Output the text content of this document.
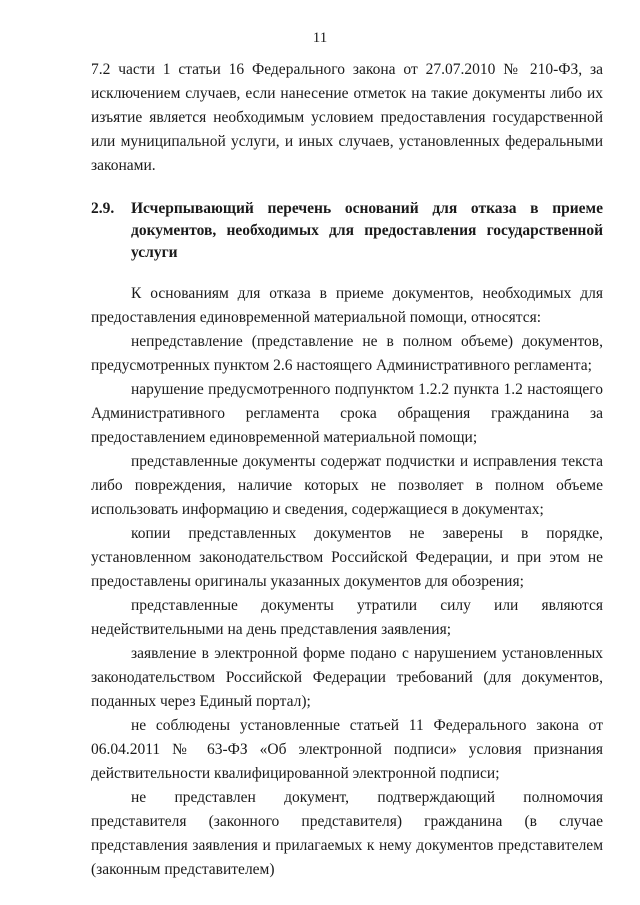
11

7.2 части 1 статьи 16 Федерального закона от 27.07.2010 № 210-ФЗ, за исключением случаев, если нанесение отметок на такие документы либо их изъятие является необходимым условием предоставления государственной или муниципальной услуги, и иных случаев, установленных федеральными законами.

2.9.	Исчерпывающий перечень оснований для отказа в приеме документов, необходимых для предоставления государственной услуги

К основаниям для отказа в приеме документов, необходимых для предоставления единовременной материальной помощи, относятся:

непредставление (представление не в полном объеме) документов, предусмотренных пунктом 2.6 настоящего Административного регламента;

нарушение предусмотренного подпунктом 1.2.2 пункта 1.2 настоящего Административного регламента срока обращения гражданина за предоставлением единовременной материальной помощи;

представленные документы содержат подчистки и исправления текста либо повреждения, наличие которых не позволяет в полном объеме использовать информацию и сведения, содержащиеся в документах;

копии представленных документов не заверены в порядке, установленном законодательством Российской Федерации, и при этом не предоставлены оригиналы указанных документов для обозрения;

представленные документы утратили силу или являются недействительными на день представления заявления;

заявление в электронной форме подано с нарушением установленных законодательством Российской Федерации требований (для документов, поданных через Единый портал);

не соблюдены установленные статьей 11 Федерального закона от 06.04.2011 № 63-ФЗ «Об электронной подписи» условия признания действительности квалифицированной электронной подписи;

не представлен документ, подтверждающий полномочия представителя (законного представителя) гражданина (в случае представления заявления и прилагаемых к нему документов представителем (законным представителем)
